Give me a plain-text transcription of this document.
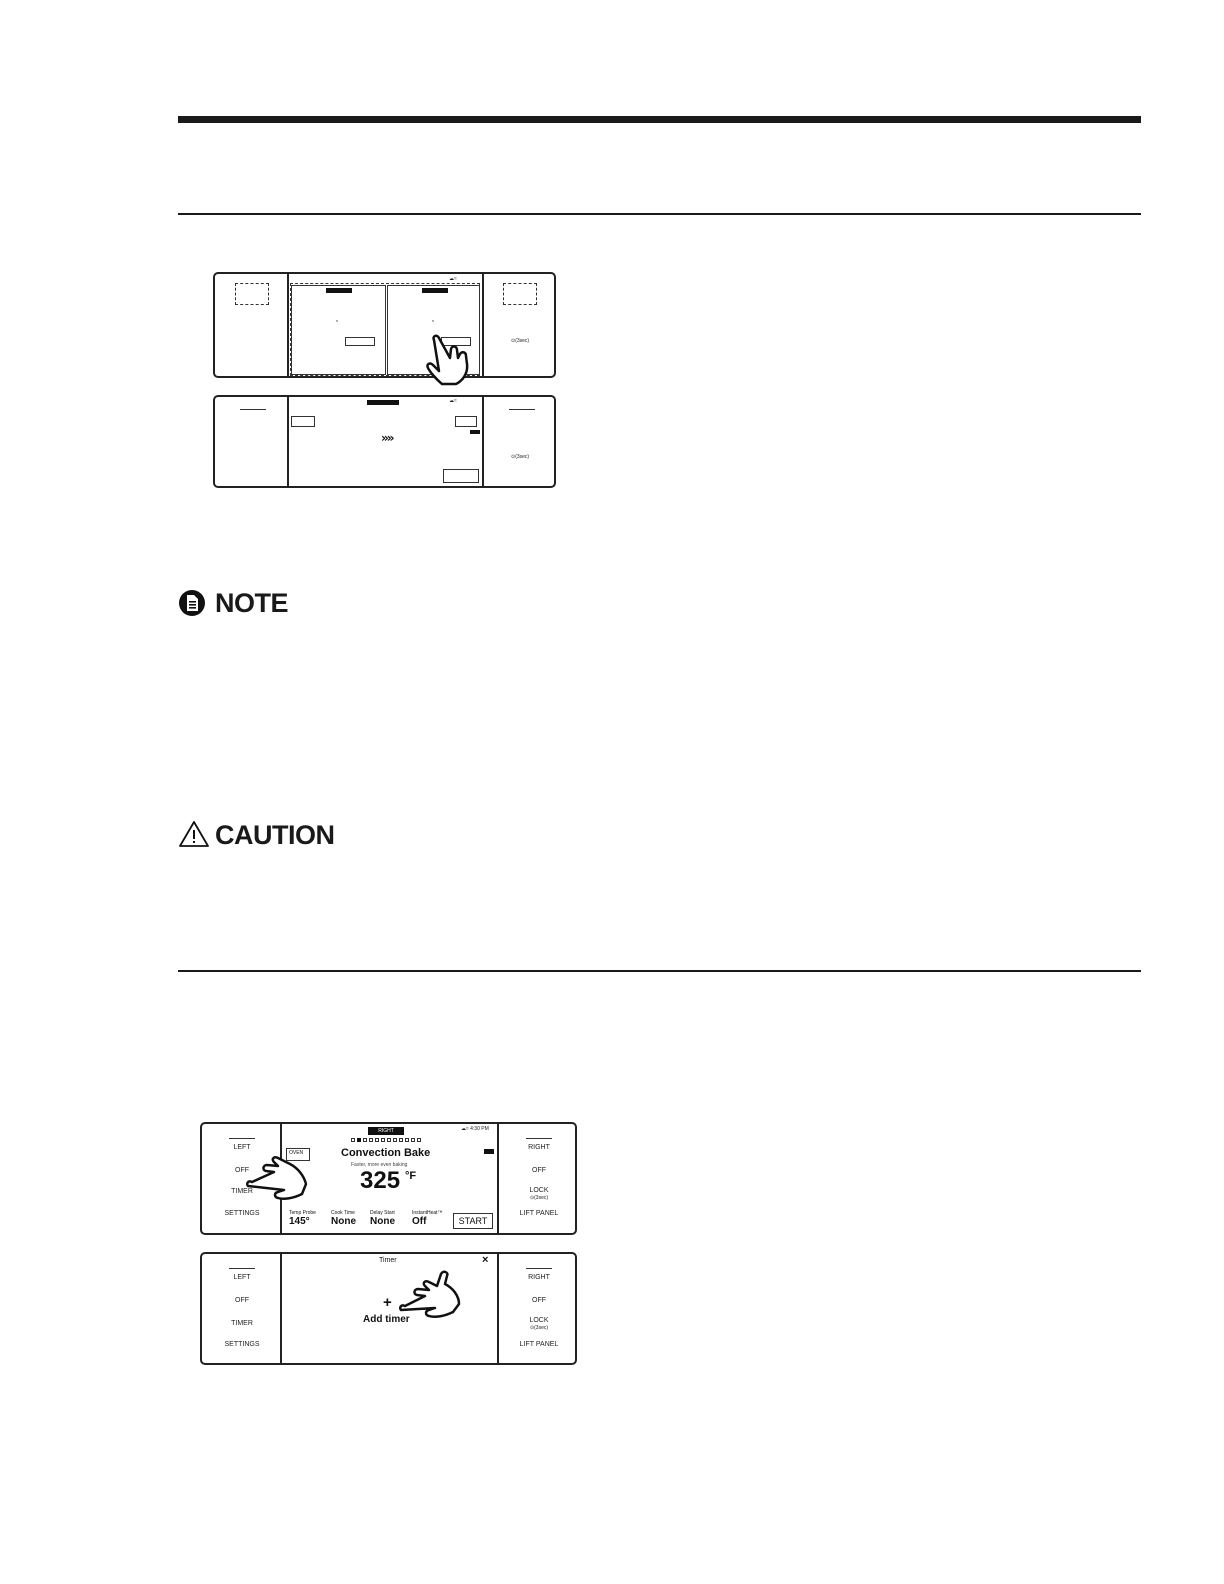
☁≈
*	*
⊙(3sec)
☁≈
»»
⊙(3sec)
NOTE
CAUTION
LEFT
OFF
TIMER
SETTINGS
RIGHT
OFF
LOCK
⊙(3sec)
LIFT PANEL
RIGHT	☁≈ 4:30 PM
OVEN	Convection Bake
Faster, more even baking
325 °F
Temp Probe
145°
Cook Time
None
Delay Start
None
InstantHeat™
Off	START
LEFT
OFF
TIMER
SETTINGS
RIGHT
OFF
LOCK
⊙(3sec)
LIFT PANEL
Timer	×
+
Add timer
